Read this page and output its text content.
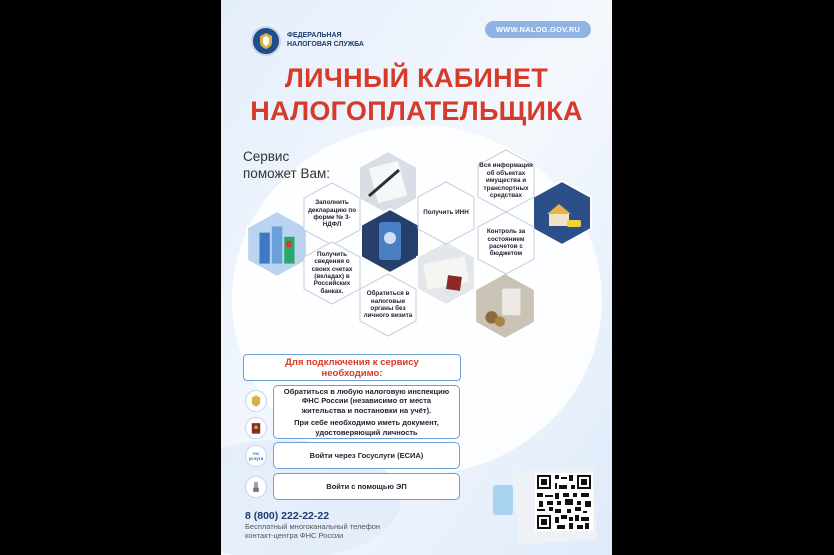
ФЕДЕРАЛЬНАЯ
НАЛОГОВАЯ СЛУЖБА
WWW.NALOG.GOV.RU
ЛИЧНЫЙ КАБИНЕТ
НАЛОГОПЛАТЕЛЬЩИКА
Сервис
поможет Вам:
Заполнить декларацию по форме № 3-НДФЛ
Получить сведения о своих счетах (вкладах) в Российских банках.
Получить ИНН
Обратиться в налоговые органы без личного визита
Вся информация об объектах имущества и транспортных средствах
Контроль за состоянием расчетов с бюджетом
Для подключения к сервису
необходимо:
Обратиться в любую налоговую инспекцию ФНС России (независимо от места жительства и постановки на учёт).
При себе необходимо иметь документ, удостоверяющий личность
гос услуги	Войти через Госуслуги (ЕСИА)
Войти с помощью ЭП
8 (800) 222-22-22
Бесплатный многоканальный телефон
контакт-центра ФНС России
